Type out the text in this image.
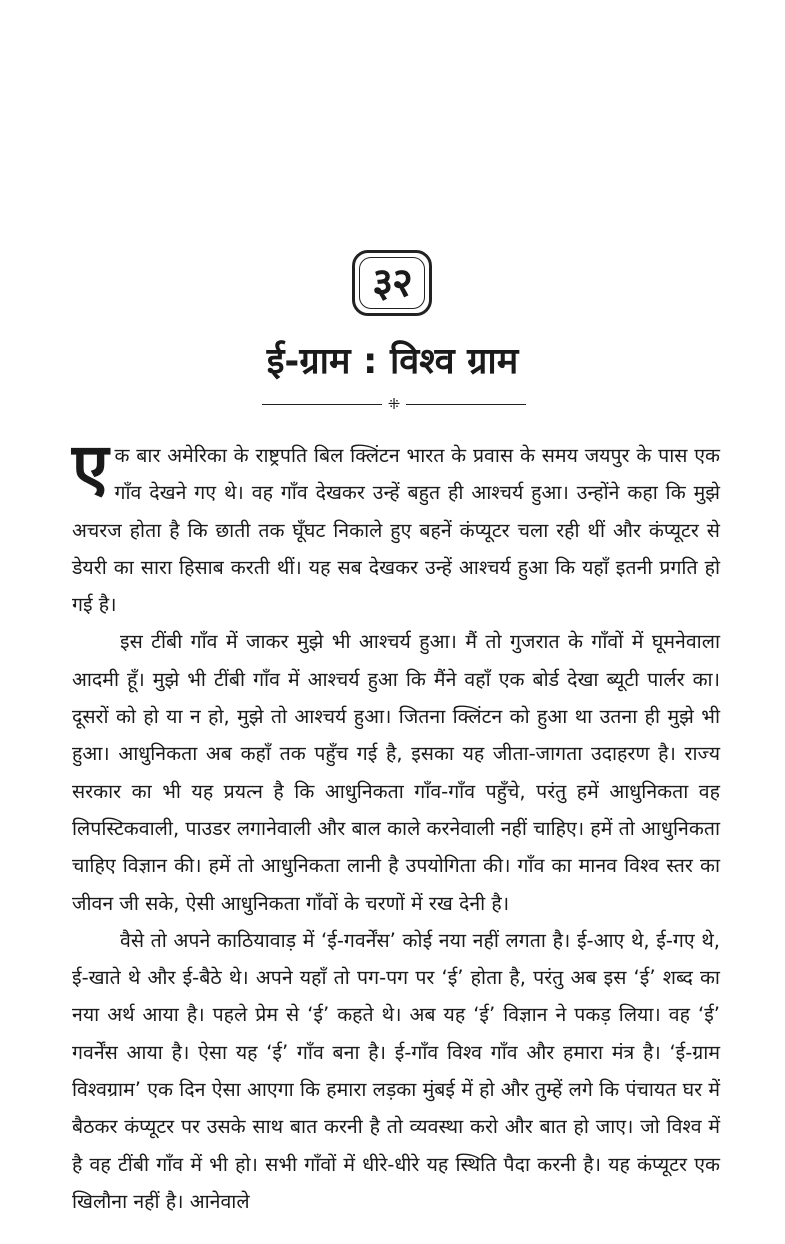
३२
ई-ग्राम : विश्व ग्राम
⁜

एक बार अमेरिका के राष्ट्रपति बिल क्लिंटन भारत के प्रवास के समय जयपुर के पास एक गाँव देखने गए थे। वह गाँव देखकर उन्हें बहुत ही आश्चर्य हुआ। उन्होंने कहा कि मुझे अचरज होता है कि छाती तक घूँघट निकाले हुए बहनें कंप्यूटर चला रही थीं और कंप्यूटर से डेयरी का सारा हिसाब करती थीं। यह सब देखकर उन्हें आश्चर्य हुआ कि यहाँ इतनी प्रगति हो गई है।

इस टींबी गाँव में जाकर मुझे भी आश्चर्य हुआ। मैं तो गुजरात के गाँवों में घूमनेवाला आदमी हूँ। मुझे भी टींबी गाँव में आश्चर्य हुआ कि मैंने वहाँ एक बोर्ड देखा ब्यूटी पार्लर का। दूसरों को हो या न हो, मुझे तो आश्चर्य हुआ। जितना क्लिंटन को हुआ था उतना ही मुझे भी हुआ। आधुनिकता अब कहाँ तक पहुँच गई है, इसका यह जीता-जागता उदाहरण है। राज्य सरकार का भी यह प्रयत्न है कि आधुनिकता गाँव-गाँव पहुँचे, परंतु हमें आधुनिकता वह लिपस्टिकवाली, पाउडर लगानेवाली और बाल काले करनेवाली नहीं चाहिए। हमें तो आधुनिकता चाहिए विज्ञान की। हमें तो आधुनिकता लानी है उपयोगिता की। गाँव का मानव विश्व स्तर का जीवन जी सके, ऐसी आधुनिकता गाँवों के चरणों में रख देनी है।

वैसे तो अपने काठियावाड़ में ‘ई-गवर्नेंस’ कोई नया नहीं लगता है। ई-आए थे, ई-गए थे, ई-खाते थे और ई-बैठे थे। अपने यहाँ तो पग-पग पर ‘ई’ होता है, परंतु अब इस ‘ई’ शब्द का नया अर्थ आया है। पहले प्रेम से ‘ई’ कहते थे। अब यह ‘ई’ विज्ञान ने पकड़ लिया। वह ‘ई’ गवर्नेंस आया है। ऐसा यह ‘ई’ गाँव बना है। ई-गाँव विश्व गाँव और हमारा मंत्र है। ‘ई-ग्राम विश्वग्राम’ एक दिन ऐसा आएगा कि हमारा लड़का मुंबई में हो और तुम्हें लगे कि पंचायत घर में बैठकर कंप्यूटर पर उसके साथ बात करनी है तो व्यवस्था करो और बात हो जाए। जो विश्व में है वह टींबी गाँव में भी हो। सभी गाँवों में धीरे-धीरे यह स्थिति पैदा करनी है। यह कंप्यूटर एक खिलौना नहीं है। आनेवाले
